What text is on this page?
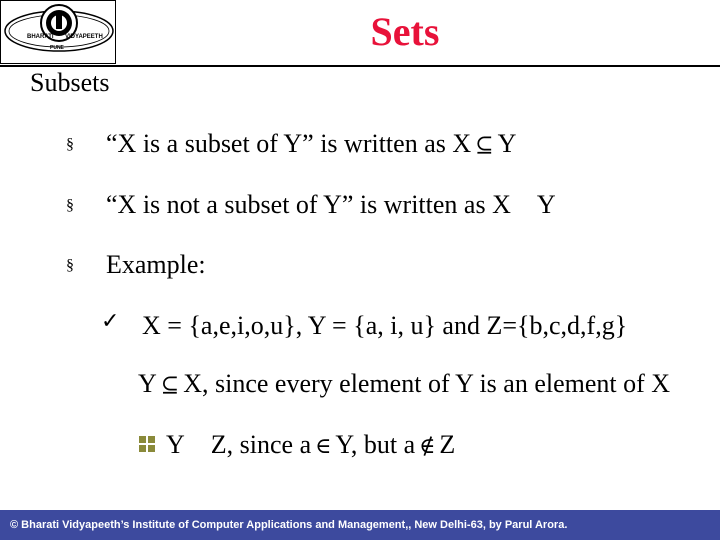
BHARATI VIDYAPEETH
PUNE	Sets
Subsets
§ “X is a subset of Y” is written as X ⊆ Y
§ “X is not a subset of Y” is written as X Y
§ Example:
✓ X = {a,e,i,o,u}, Y = {a, i, u} and Z={b,c,d,f,g}
Y ⊆ X, since every element of Y is an element of X
Y Z, since a ∈ Y, but a ∉ Z
© Bharati Vidyapeeth’s Institute of Computer Applications and Management,, New Delhi-63, by Parul Arora.
